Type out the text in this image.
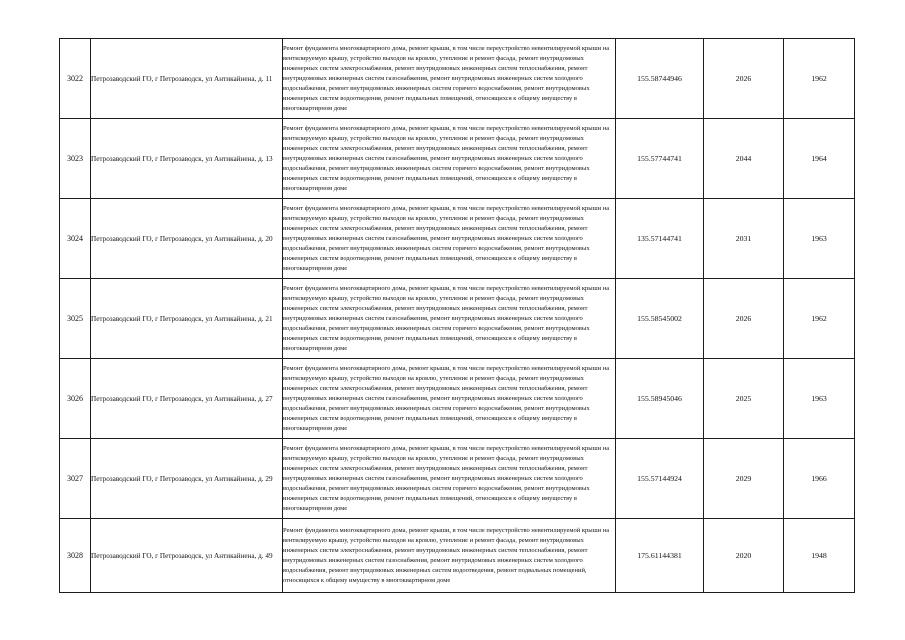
3022	Петрозаводский ГО, г Петрозаводск, ул Антикайнена, д. 11	Ремонт фундамента многоквартирного дома, ремонт крыши, в том числе переустройство невентилируемой крыши на вентилируемую крышу, устройство выходов на кровлю, утепление и ремонт фасада, ремонт внутридомовых инженерных систем электроснабжения, ремонт внутридомовых инженерных систем теплоснабжения, ремонт внутридомовых инженерных систем газоснабжения, ремонт внутридомовых инженерных систем холодного водоснабжения, ремонт внутридомовых инженерных систем горячего водоснабжения, ремонт внутридомовых инженерных систем водоотведения, ремонт подвальных помещений, относящихся к общему имуществу в многоквартирном доме	155.58744946	2026	1962
3023	Петрозаводский ГО, г Петрозаводск, ул Антикайнена, д. 13	Ремонт фундамента многоквартирного дома, ремонт крыши, в том числе переустройство невентилируемой крыши на вентилируемую крышу, устройство выходов на кровлю, утепление и ремонт фасада, ремонт внутридомовых инженерных систем электроснабжения, ремонт внутридомовых инженерных систем теплоснабжения, ремонт внутридомовых инженерных систем газоснабжения, ремонт внутридомовых инженерных систем холодного водоснабжения, ремонт внутридомовых инженерных систем горячего водоснабжения, ремонт внутридомовых инженерных систем водоотведения, ремонт подвальных помещений, относящихся к общему имуществу в многоквартирном доме	155.57744741	2044	1964
3024	Петрозаводский ГО, г Петрозаводск, ул Антикайнена, д. 20	Ремонт фундамента многоквартирного дома, ремонт крыши, в том числе переустройство невентилируемой крыши на вентилируемую крышу, устройство выходов на кровлю, утепление и ремонт фасада, ремонт внутридомовых инженерных систем электроснабжения, ремонт внутридомовых инженерных систем теплоснабжения, ремонт внутридомовых инженерных систем газоснабжения, ремонт внутридомовых инженерных систем холодного водоснабжения, ремонт внутридомовых инженерных систем горячего водоснабжения, ремонт внутридомовых инженерных систем водоотведения, ремонт подвальных помещений, относящихся к общему имуществу в многоквартирном доме	135.57144741	2031	1963
3025	Петрозаводский ГО, г Петрозаводск, ул Антикайнена, д. 21	Ремонт фундамента многоквартирного дома, ремонт крыши, в том числе переустройство невентилируемой крыши на вентилируемую крышу, устройство выходов на кровлю, утепление и ремонт фасада, ремонт внутридомовых инженерных систем электроснабжения, ремонт внутридомовых инженерных систем теплоснабжения, ремонт внутридомовых инженерных систем газоснабжения, ремонт внутридомовых инженерных систем холодного водоснабжения, ремонт внутридомовых инженерных систем горячего водоснабжения, ремонт внутридомовых инженерных систем водоотведения, ремонт подвальных помещений, относящихся к общему имуществу в многоквартирном доме	155.58545002	2026	1962
3026	Петрозаводский ГО, г Петрозаводск, ул Антикайнена, д. 27	Ремонт фундамента многоквартирного дома, ремонт крыши, в том числе переустройство невентилируемой крыши на вентилируемую крышу, устройство выходов на кровлю, утепление и ремонт фасада, ремонт внутридомовых инженерных систем электроснабжения, ремонт внутридомовых инженерных систем теплоснабжения, ремонт внутридомовых инженерных систем газоснабжения, ремонт внутридомовых инженерных систем холодного водоснабжения, ремонт внутридомовых инженерных систем горячего водоснабжения, ремонт внутридомовых инженерных систем водоотведения, ремонт подвальных помещений, относящихся к общему имуществу в многоквартирном доме	155.58945046	2025	1963
3027	Петрозаводский ГО, г Петрозаводск, ул Антикайнена, д. 29	Ремонт фундамента многоквартирного дома, ремонт крыши, в том числе переустройство невентилируемой крыши на вентилируемую крышу, устройство выходов на кровлю, утепление и ремонт фасада, ремонт внутридомовых инженерных систем электроснабжения, ремонт внутридомовых инженерных систем теплоснабжения, ремонт внутридомовых инженерных систем газоснабжения, ремонт внутридомовых инженерных систем холодного водоснабжения, ремонт внутридомовых инженерных систем горячего водоснабжения, ремонт внутридомовых инженерных систем водоотведения, ремонт подвальных помещений, относящихся к общему имуществу в многоквартирном доме	155.57144924	2029	1966
3028	Петрозаводский ГО, г Петрозаводск, ул Антикайнена, д. 49	Ремонт фундамента многоквартирного дома, ремонт крыши, в том числе переустройство невентилируемой крыши на вентилируемую крышу, устройство выходов на кровлю, утепление и ремонт фасада, ремонт внутридомовых инженерных систем электроснабжения, ремонт внутридомовых инженерных систем теплоснабжения, ремонт внутридомовых инженерных систем газоснабжения, ремонт внутридомовых инженерных систем холодного водоснабжения, ремонт внутридомовых инженерных систем водоотведения, ремонт подвальных помещений, относящихся к общему имуществу в многоквартирном доме	175.61144381	2020	1948
